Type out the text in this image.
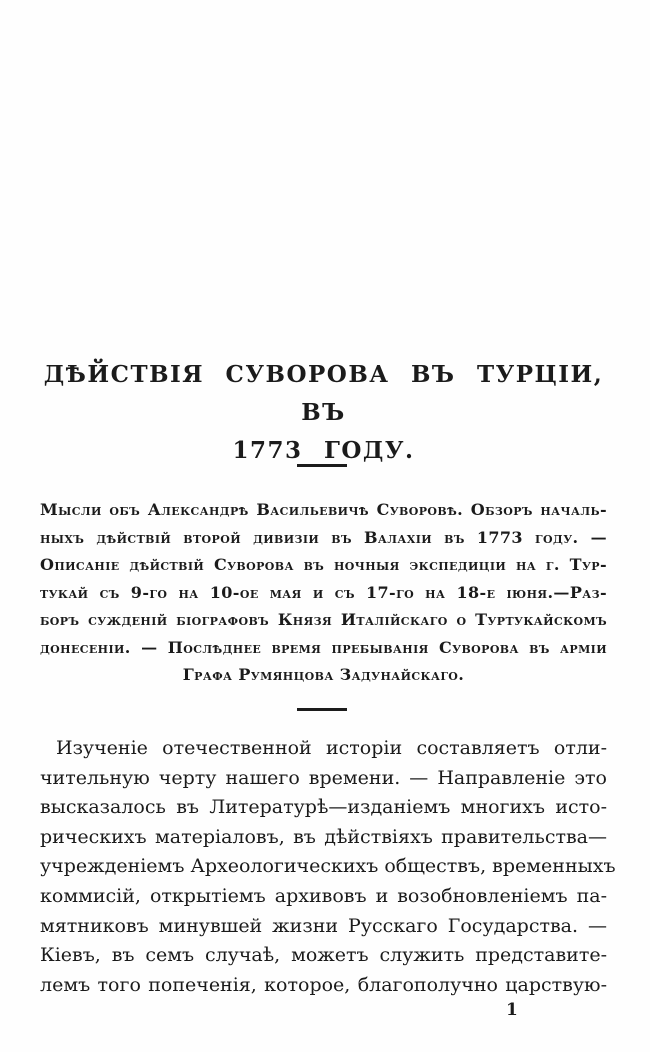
ДѢЙСТВІЯ СУВОРОВА ВЪ ТУРЦІИ, ВЪ
1773 ГОДУ.
Мысли объ Александрѣ Васильевичѣ Суворовѣ. Обзоръ началь-
ныхъ дѣйствій второй дивизіи въ Валахіи въ 1773 году. —
Описаніе дѣйствій Суворова въ ночныя экспедиціи на г. Тур-
тукай съ 9-го на 10-ое мая и съ 17-го на 18-е іюня.—Раз-
боръ сужденій біографовъ Князя Италійскаго о Туртукайскомъ
донесеніи. — Послѣднее время пребыванія Суворова въ арміи
Графа Румянцова Задунайскаго.
Изученіе отечественной исторіи составляетъ отли-
чительную черту нашего времени. — Направленіе это
высказалось въ Литературѣ—изданіемъ многихъ исто-
рическихъ матеріаловъ, въ дѣйствіяхъ правительства—
учрежденіемъ Археологическихъ обществъ, временныхъ
коммисій, открытіемъ архивовъ и возобновленіемъ па-
мятниковъ минувшей жизни Русскаго Государства. —
Кіевъ, въ семъ случаѣ, можетъ служить представите-
лемъ того попеченія, которое, благополучно царствую-
1
